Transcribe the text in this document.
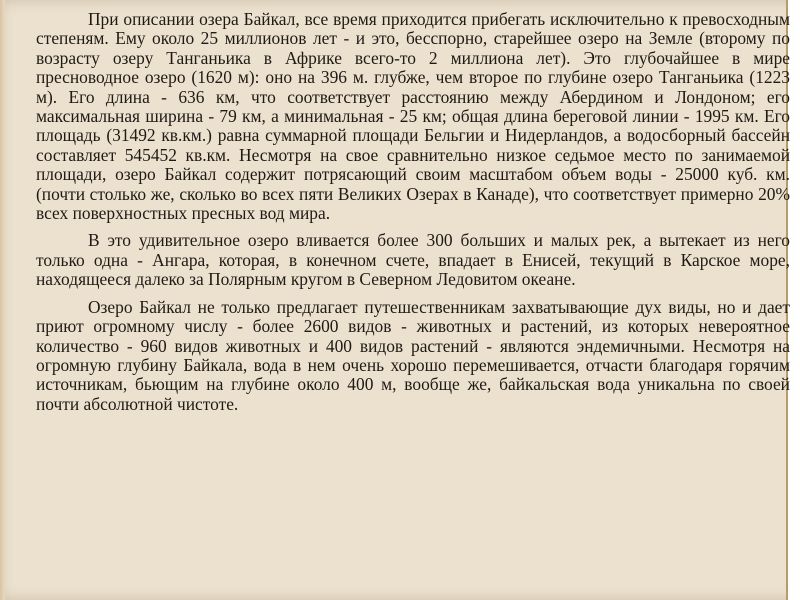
При описании озера Байкал, все время приходится прибегать исключительно к превосходным степеням. Ему около 25 миллионов лет - и это, бесспорно, старейшее озеро на Земле (второму по возрасту озеру Танганьика в Африке всего-то 2 миллиона лет). Это глубочайшее в мире пресноводное озеро (1620 м): оно на 396 м. глубже, чем второе по глубине озеро Танганьика (1223 м). Его длина - 636 км, что соответствует расстоянию между Абердином и Лондоном; его максимальная ширина - 79 км, а минимальная - 25 км; общая длина береговой линии - 1995 км. Его площадь (31492 кв.км.) равна суммарной площади Бельгии и Нидерландов, а водосборный бассейн составляет 545452 кв.км. Несмотря на свое сравнительно низкое седьмое место по занимаемой площади, озеро Байкал содержит потрясающий своим масштабом объем воды - 25000 куб. км. (почти столько же, сколько во всех пяти Великих Озерах в Канаде), что соответствует примерно 20% всех поверхностных пресных вод мира.

В это удивительное озеро вливается более 300 больших и малых рек, а вытекает из него только одна - Ангара, которая, в конечном счете, впадает в Енисей, текущий в Карское море, находящееся далеко за Полярным кругом в Северном Ледовитом океане.

Озеро Байкал не только предлагает путешественникам захватывающие дух виды, но и дает приют огромному числу - более 2600 видов - животных и растений, из которых невероятное количество - 960 видов животных и 400 видов растений - являются эндемичными. Несмотря на огромную глубину Байкала, вода в нем очень хорошо перемешивается, отчасти благодаря горячим источникам, бьющим на глубине около 400 м, вообще же, байкальская вода уникальна по своей почти абсолютной чистоте.
